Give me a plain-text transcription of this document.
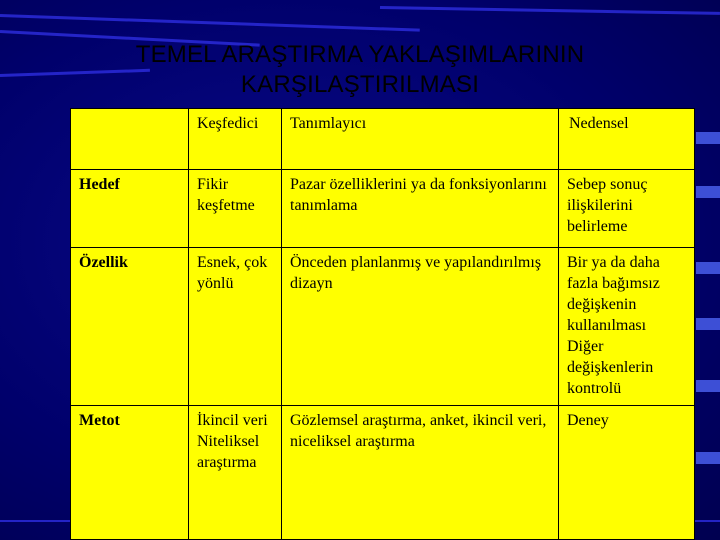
TEMEL ARAŞTIRMA YAKLAŞIMLARININ
KARŞILAŞTIRILMASI
	Keşfedici	Tanımlayıcı	Nedensel
Hedef	Fikir keşfetme	Pazar özelliklerini ya da fonksiyonlarını tanımlama	Sebep sonuç ilişkilerini belirleme
Özellik	Esnek, çok yönlü	Önceden planlanmış ve yapılandırılmış dizayn	Bir ya da daha fazla bağımsız değişkenin kullanılması Diğer değişkenlerin kontrolü
Metot	İkincil veri Niteliksel araştırma	Gözlemsel araştırma, anket, ikincil veri, niceliksel araştırma	Deney
